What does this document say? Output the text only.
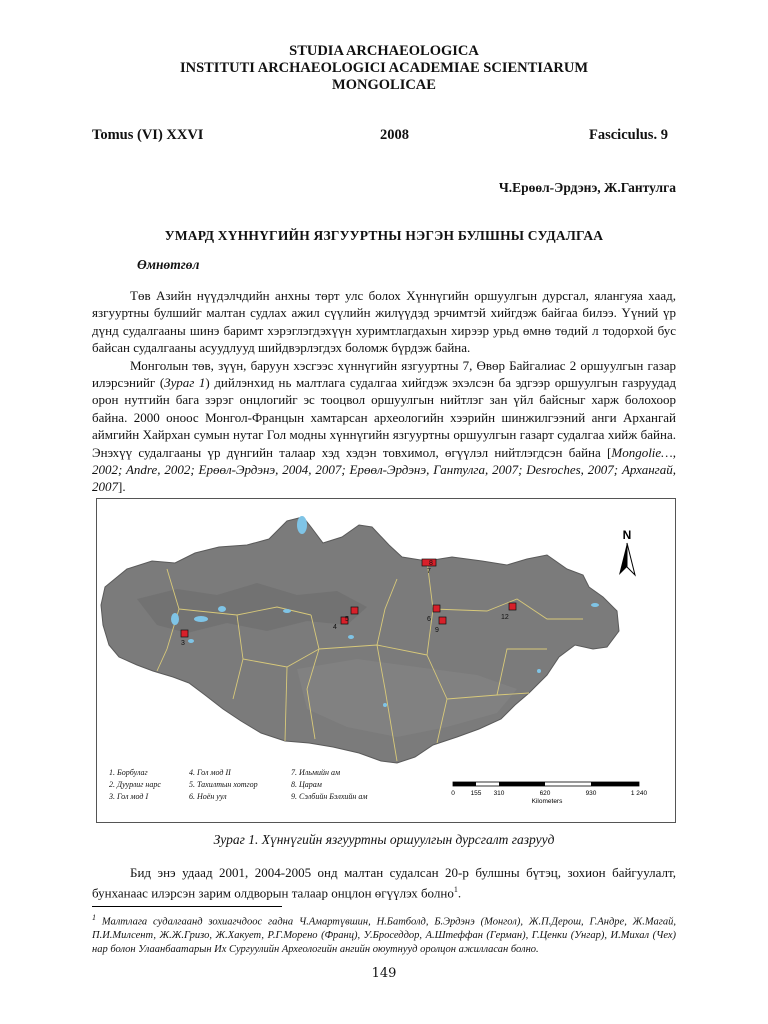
STUDIA ARCHAEOLOGICA
INSTITUTI ARCHAEOLOGICI ACADEMIAE SCIENTIARUM
MONGOLICAE
Tomus (VI) XXVI	2008	Fasciculus. 9
Ч.Ерөөл-Эрдэнэ, Ж.Гантулга
УМАРД ХҮННҮГИЙН ЯЗГУУРТНЫ НЭГЭН БУЛШНЫ СУДАЛГАА
Өмнөтгөл

Төв Азийн нүүдэлчдийн анхны төрт улс болох Хүннүгийн оршуулгын дурсгал, ялангуяа хаад, язгууртны булшийг малтан судлах ажил сүүлийн жилүүдэд эрчимтэй хийгдэж байгаа билээ. Үүний үр дүнд судалгааны шинэ баримт хэрэглэгдэхүүн хуримтлагдахын хирээр урьд өмнө төдий л тодорхой бус байсан судалгааны асуудлууд шийдвэрлэгдэх боломж бүрдэж байна.

Монголын төв, зүүн, баруун хэсгээс хүннүгийн язгууртны 7, Өвөр Байгалиас 2 оршуулгын газар илэрсэнийг (Зураг 1) дийлэнхид нь малтлага судалгаа хийгдэж эхэлсэн ба эдгээр оршуулгын газруудад орон нутгийн бага зэрэг онцлогийг эс тооцвол оршуулгын нийтлэг зан үйл байсныг харж болохоор байна. 2000 оноос Монгол-Францын хамтарсан археологийн хээрийн шинжилгээний анги Архангай аймгийн Хайрхан сумын нутаг Гол модны хүннүгийн язгууртны оршуулгын газарт судалгаа хийж байна. Энэхүү судалгааны үр дүнгийн талаар хэд хэдэн товхимол, өгүүлэл нийтлэгдсэн байна [Mongolie…, 2002; Andre, 2002; Ерөөл-Эрдэнэ, 2004, 2007; Ерөөл-Эрдэнэ, Гантулга, 2007; Desroches, 2007; Архангай, 2007].

3
4
5	6
7
8
9
12
N
1. Борбулаг
2. Дуурлиг нарс
3. Гол мод I
4. Гол мод II
5. Тахилтын хотгор
6. Ноён уул
7. Ильмийн ам
8. Царам
9. Сэлбийн Бэлхийн ам	0 155 310	620	930	1 240
Kilometers
Зураг 1. Хүннүгийн язгууртны оршуулгын дурсгалт газрууд

Бид энэ удаад 2001, 2004-2005 онд малтан судалсан 20-р булшны бүтэц, зохион байгуулалт, бунханаас илэрсэн зарим олдворын талаар онцлон өгүүлэх болно$^1$.

$^1$ Малтлага судалгаанд зохиагчдоос гадна Ч.Амартүвшин, Н.Батболд, Б.Эрдэнэ (Монгол), Ж.П.Дерош, Г.Андре, Ж.Магай, П.И.Милсент, Ж.Ж.Гризо, Ж.Хакует, Р.Г.Морено (Франц), У.Броседдор, А.Штеффан (Герман), Г.Ценки (Унгар), И.Михал (Чех) нар болон Улаанбаатарын Их Сургуулийн Археологийн ангийн оюутнууд оролцон ажилласан болно.
149
